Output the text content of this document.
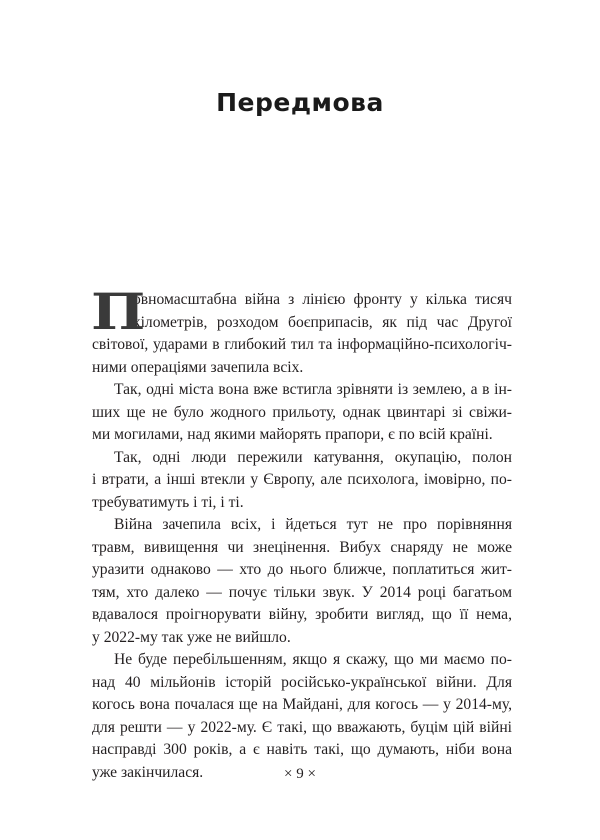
Передмова
П
овномасштабна війна з лінією фронту у кілька тисяч
кілометрів, розходом боєприпасів, як під час Другої
світової, ударами в глибокий тил та інформаційно-психологіч-
ними операціями зачепила всіх.
Так, одні міста вона вже встигла зрівняти із землею, а в ін-
ших ще не було жодного прильоту, однак цвинтарі зі свіжи-
ми могилами, над якими майорять прапори, є по всій країні.
Так, одні люди пережили катування, окупацію, полон
і втрати, а інші втекли у Європу, але психолога, імовірно, по-
требуватимуть і ті, і ті.
Війна зачепила всіх, і йдеться тут не про порівняння
травм, вивищення чи знецінення. Вибух снаряду не може
уразити однаково — хто до нього ближче, поплатиться жит-
тям, хто далеко — почує тільки звук. У 2014 році багатьом
вдавалося проігнорувати війну, зробити вигляд, що її нема,
у 2022-му так уже не вийшло.
Не буде перебільшенням, якщо я скажу, що ми маємо по-
над 40 мільйонів історій російсько-української війни. Для
когось вона почалася ще на Майдані, для когось — у 2014-му,
для решти — у 2022-му. Є такі, що вважають, буцім цій війні
насправді 300 років, а є навіть такі, що думають, ніби вона
уже закінчилася.	× 9 ×
